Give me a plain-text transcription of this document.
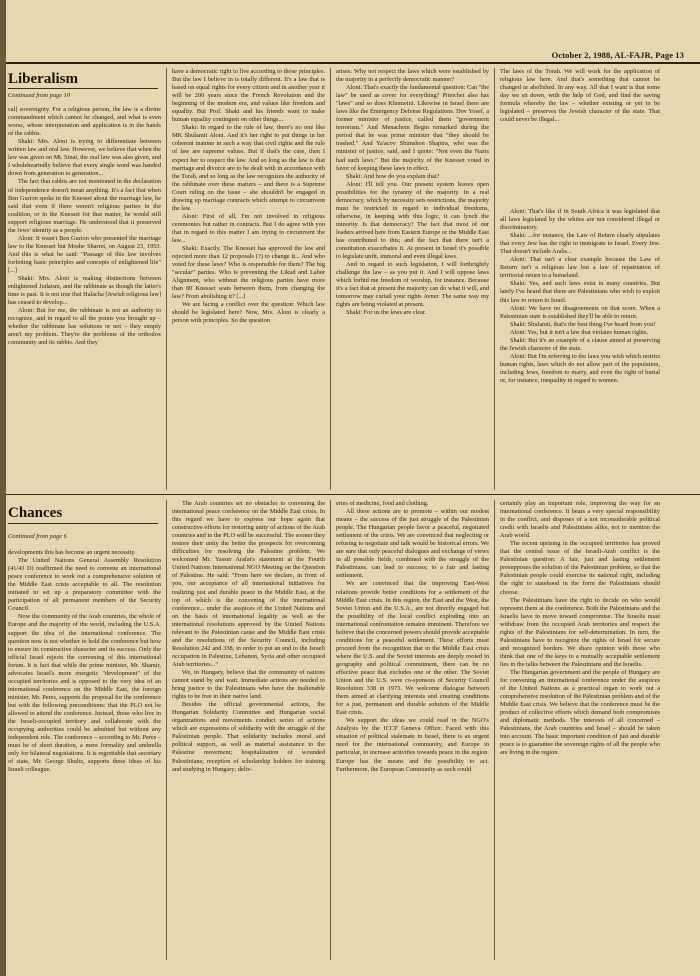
October 2, 1988, AL-FAJR, Page 13
Liberalism

Continued from page 10

cal] sovereignty. For a religious person, the law is a divine commandment which cannot be changed, and what is even worse, whose interpretation and application is in the hands of the rabbis.

Shaki: Mrs. Aloni is trying to differentiate between written law and oral law. However, we believe that when the law was given on Mt. Sinai, the oral law was also given, and I wholeheartedly believe that every single word was handed down from generation to generation...

The fact that rabbis are not mentioned in the declaration of independence doesn't mean anything. It's a fact that when Ben Gurion spoke in the Knesset about the marriage law, he said that even if there weren't religious parties in the coalition, or in the Knesset for that matter, he would still support religious marriage. He understood that it preserved the Jews' identity as a people.

Aloni: It wasn't Ben Gurion who presented the marriage law to the Knesset but Moshe Sharret, on August 23, 1953. And this is what he said: "Passage of this law involves forfeiting basic principles and concepts of enlightened life" [...]

Shaki: Mrs. Aloni is making distinctions between enlightened Judaism, and the rabbinate as though the latter's time is past. It is not true that Halacha [Jewish religious law] has ceased to develop...

Aloni: But for me, the rabbinate is not an authority to recognize, and in regard to all the points you brought up – whether the rabbinate has solutions or not – they simply aren't my problem. They're the problems of the orthodox community and its rabbis. And they

have a democratic right to live according to those principles. But the law I believe in is totally different. It's a law that is based on equal rights for every citizen and in another year it will be 200 years since the French Revolution and the beginning of the modern era, and values like freedom and equality. But Prof. Shaki and his friends want to make human equality contingent on other things...

Shaki: In regard to the rule of law, there's no one like MK Shulamit Aloni. And it's her right to put things in her coherent manner in such a way that civil rights and the rule of law are supreme values. But if that's the case, then I expect her to respect the law. And so long as the law is that marriage and divorce are to be dealt with in accordance with the Torah, and so long as the law recognizes the authority of the rabbinate over these matters – and there is a Supreme Court ruling on the issue – she shouldn't be engaged in drawing up marriage contracts which attempt to circumvent the law.

Aloni: First of all, I'm not involved in religious ceremonies but rather in contracts. But I do agree with you that in regard to this matter I am trying to circumvent the law...

Shaki: Exactly. The Knesset has approved the law and rejected more than 12 proposals (?) to change it... And who voted for these laws? Who is responsible for them? The big "secular" parties. Who is preventing the Likud and Labor Alignment, who without the religious parties have more than 80 Knesset seats between them, from changing the law? From abolishing it? [...]

We are facing a conflict over the question: Which law should be legislated here? Now, Mrs. Aloni is clearly a person with principles. So the question

arises: Why not respect the laws which were established by the majority in a perfectly democratic manner?

Aloni: That's exactly the fundamental question: Can "the law" be used as cover for everything? Pinochet also has "laws" and so does Khomeini. Likewise in Israel there are laws like the Emergency Defense Regulations. Dov Yosef, a former minister of justice, called them "government terrorism." And Menachem Begin remarked during the period that he was prime minister that "they should be trashed." And Ya'acov Shimshon Shapira, who was the minister of justice, said, and I quote: "Not even the Nazis had such laws." But the majority of the Knesset voted in favor of keeping these laws in effect.

Shaki: And how do you explain that?

Aloni: I'll tell you. Our present system leaves open possibilities for the tyranny of the majority. In a real democracy, which by necessity sets restrictions, the majority must be restricted in regard to individual freedoms, otherwise, in keeping with this logic, it can lynch the minority. Is that democracy? The fact that most of our leaders arrived here from Eastern Europe or the Middle East has contributed to this; and the fact that there isn't a constitution exacerbates it. At present in Israel it's possible to legislate unfit, immoral and even illegal laws.

And in regard to such legislation, I will forthrightly challenge the law – as you put it. And I will oppose laws which forbid me freedom of worship, for instance. Because it's a fact that at present the majority can do what it will, and tomorrow may curtail your rights Avner. The same way my rights are being violated at present.

Shaki: For us the laws are clear.

The laws of the Torah. We will work for the application of religious law here. And that's something that cannot be changed or abolished. In any way. All that I want is that some day we sit down, with the help of God, and find the saving formula whereby the law – whether existing or yet to be legislated – preserves the Jewish character of the state. That could never be illegal...

Aloni: That's like if in South Africa it was legislated that all laws legislated by the whites are not considered illegal or discriminatory.

Shaki: ...for instance, the Law of Return clearly stipulates that every Jew has the right to immigrate to Israel. Every Jew. That doesn't include Arabs...

Aloni: That isn't a clear example because the Law of Return isn't a religious law but a law of repatriation of territorial return to a homeland.

Shaki: Yes, and such laws exist in many countries. But lately I've heard that there are Palestinians who wish to exploit this law to return to Israel.

Aloni: We have no disagreements on that score. When a Palestinian state is established they'll be able to return.

Shaki: Shulamit, that's the best thing I've heard from you!

Aloni: Yes, but it isn't a law that violates human rights.

Shaki: But it's an example of a clause aimed at preserving the Jewish character of the state.

Aloni: But I'm referring to the laws you wish which restrict human rights, laws which do not allow part of the population, including Jews, freedom to marry, and even the right of burial or, for instance, inequality in regard to women.

Chances

Continued from page 6

developments this has become an urgent necessity.

The United Nations General Assembly Resolution (41/43 D) reaffirmed the need to convene an international peace conference to work out a comprehensive solution of the Middle East crisis acceptable to all. The resolution initiated to set up a preparatory committee with the participation of all permanent members of the Security Council.

Now the community of the Arab countries, the whole of Europe and the majority of the world, including the U.S.A. support the idea of the international conference. The question now is not whether to hold the conference but how to ensure its constructive character and its success. Only the official Israel rejects the convening of this international forum. It is fact that while the prime minister, Mr. Shamir, advocates Israel's more energetic "development" of the occupied territories and is opposed to the very idea of an international conference on the Middle East, the foreign minister, Mr. Peres, supports the proposal for the conference but with the following preconditions: that the PLO not be allowed to attend the conference. Instead, those who live in the Israeli-occupied territory and collaborate with the occupying authorities could be admitted but without any independent role. The conference – according to Mr. Peres – must be of short duration, a mere formality and umbrella only for bilateral negotiations. It is regrettable that secretary of state, Mr. George Shultz, supports these ideas of his Israeli colleague.

The Arab countries set no obstacles to convening the international peace conference on the Middle East crisis. In this regard we have to express our hope again that constructive efforts for restoring unity of actions of the Arab countries and in the PLO will be successful. The sooner they restore their unity the better the prospects for overcoming difficulties for resolving the Palestine problem. We welcomed Mr. Yasser Arafat's statement at the Fourth United Nations International NGO Meeting on the Question of Palestine. He said: "From here we declare, in front of you, our acceptance of all international initiatives for realizing just and durable peace in the Middle East, at the top of which is the convening of the international conference... under the auspices of the United Nations and on the basis of international legality as well as the international resolutions approved by the United Nations relevant to the Palestinian cause and the Middle East crisis and the resolutions of the Security Council, including Resolution 242 and 338, in order to put an end to the Israeli occupation in Palestine, Lebanon, Syria and other occupied Arab territories..."

We, in Hungary, believe that the community of nations cannot stand by and wait. Immediate actions are needed to bring justice to the Palestinians who have the inalienable rights to be free in their native land.

Besides the official governmental actions, the Hungarian Solidarity Committee and Hungarian social organizations and movements conduct series of actions which are expressions of solidarity with the struggle of the Palestinian people. That solidarity includes moral and political support, as well as material assistance to the Palestine movement; hospitalization of wounded Palestinians; reception of scholarship holders for training and studying in Hungary; deliv-

eries of medicine, food and clothing.

All these actions are to promote – within our modest means – the success of the just struggle of the Palestinian people. The Hungarian people favor a peaceful, negotiated settlement of the crisis. We are convinced that neglecting or refusing to negotiate and talk would be historical errors. We are sure that only peaceful dialogues and exchange of views in all possible fields, combined with the struggle of the Palestinians, can lead to success; to a fair and lasting settlement.

We are convinced that the improving East-West relations provide better conditions for a settlement of the Middle East crisis. In this region, the East and the West, the Soviet Union and the U.S.A., are not directly engaged but the possibility of the local conflict exploding into an international confrontation remains imminent. Therefore we believe that the concerned powers should provide acceptable conditions for a peaceful settlement. These efforts must proceed from the recognition that in the Middle East crisis where the U.S. and the Soviet interests are deeply rooted in geography and political commitment, there can be no effective peace that excludes one or the other. The Soviet Union and the U.S. were co-sponsors of Security Council Resolution 338 in 1973. We welcome dialogue between them aimed at clarifying interests and creating conditions for a just, permanent and durable solution of the Middle East crisis.

We support the ideas we could read in the NGO's Analysis by the ICCP Geneva Office: Faced with this situation of political stalemate in Israel, there is an urgent need for the international community, and Europe in particular, to increase activities towards peace in the region. Europe has the means and the possibility to act. Furthermore, the European Community as such could

certainly play an important role, improving the way for an international conference. It bears a very special responsibility in the conflict, and disposes of a not inconsiderable political credit with Israelis and Palestinians alike, not to mention the Arab world.

The recent uprising in the occupied territories has proved that the central issue of the Israeli-Arab conflict is the Palestinian question. A fair, just and lasting settlement presupposes the solution of the Palestinian problem, so that the Palestinian people could exercise its national right, including the right to statehood in the form the Palestinians should choose.

The Palestinians have the right to decide on who would represent them at the conference. Both the Palestinians and the Israelis have to move toward compromise. The Israelis must withdraw from the occupied Arab territories and respect the rights of the Palestinians for self-determination. In turn, the Palestinians have to recognize the rights of Israel for secure and recognized borders. We share opinion with those who think that one of the keys to a mutually acceptable settlement lies in the talks between the Palestinians and the Israelis.

The Hungarian government and the people of Hungary are for convening an international conference under the auspices of the United Nations as a practical organ to work out a comprehensive resolution of the Palestinian problem and of the Middle East crisis. We believe that the conference must be the product of collective efforts which demand both compromises and diplomatic methods. The interests of all concerned – Palestinians, the Arab countries and Israel – should be taken into account. The basic important condition of just and durable peace is to guarantee the sovereign rights of all the people who are living in the region.
